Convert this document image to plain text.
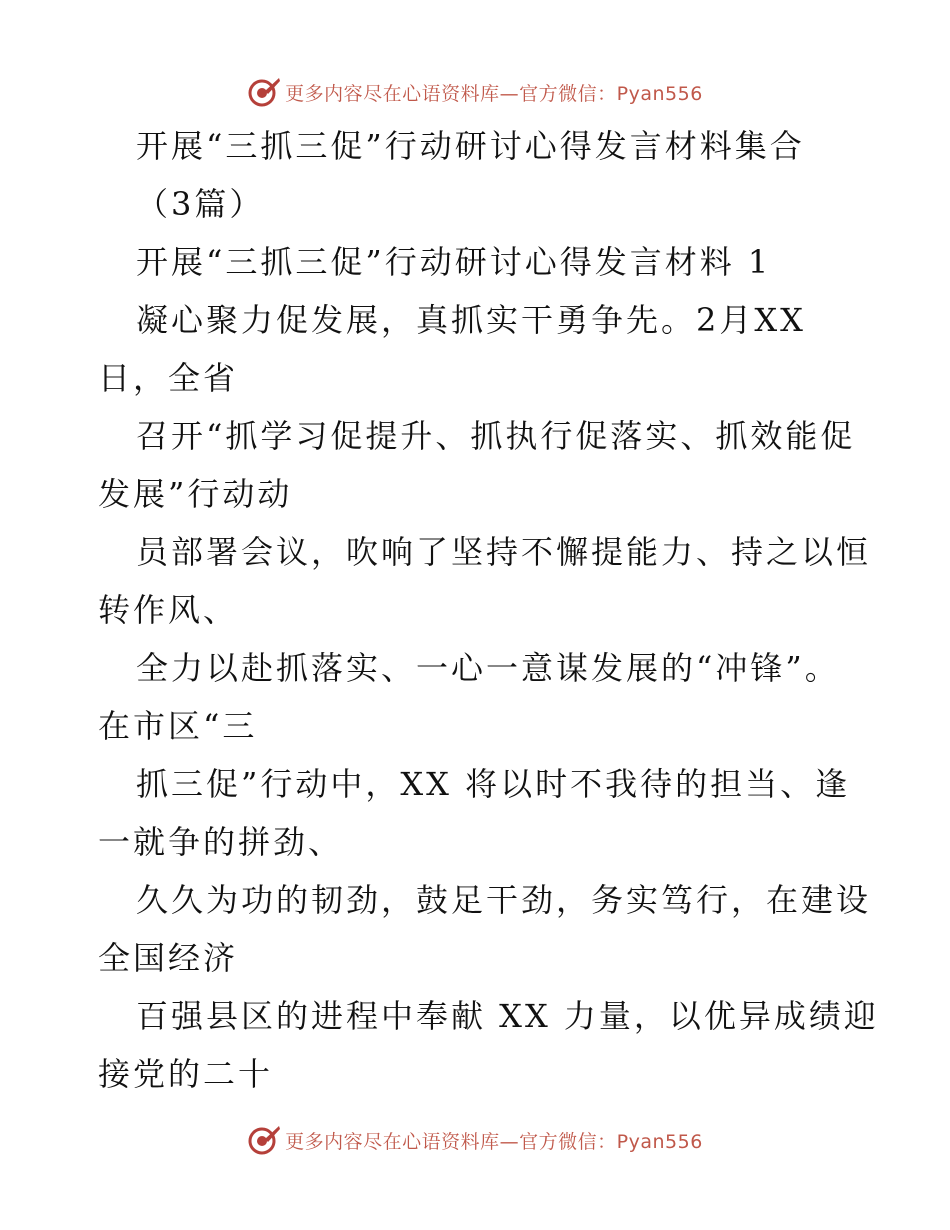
更多内容尽在心语资料库—官方微信：Pyan556
开展“三抓三促”行动研讨心得发言材料集合
（3篇）
开展“三抓三促”行动研讨心得发言材料 1
凝心聚力促发展，真抓实干勇争先。2月XX
日，全省
召开“抓学习促提升、抓执行促落实、抓效能促
发展”行动动
员部署会议，吹响了坚持不懈提能力、持之以恒
转作风、
全力以赴抓落实、一心一意谋发展的“冲锋”。
在市区“三
抓三促”行动中，XX 将以时不我待的担当、逢
一就争的拼劲、
久久为功的韧劲，鼓足干劲，务实笃行，在建设
全国经济
百强县区的进程中奉献 XX 力量，以优异成绩迎
接党的二十
更多内容尽在心语资料库—官方微信：Pyan556
